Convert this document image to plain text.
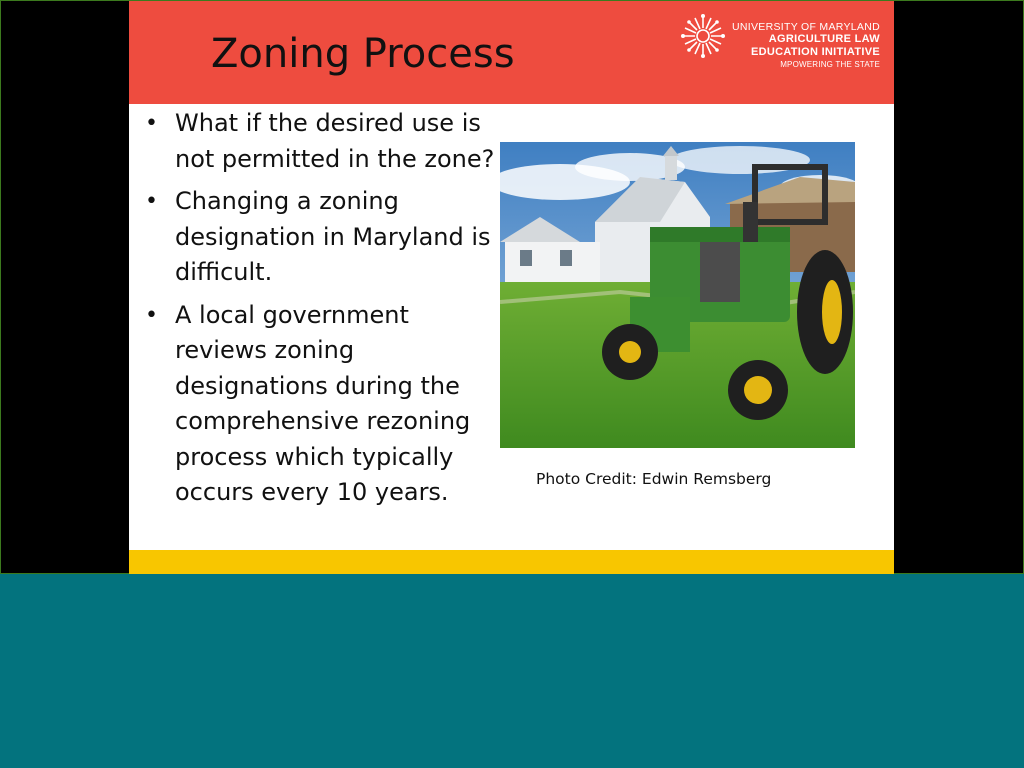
Zoning Process
UNIVERSITY OF MARYLAND
AGRICULTURE LAW
EDUCATION INITIATIVE
MPOWERING THE STATE
• What if the desired use is not permitted in the zone?
• Changing a zoning designation in Maryland is difficult.
• A local government reviews zoning designations during the comprehensive rezoning process which typically occurs every 10 years.	Photo Credit: Edwin Remsberg
